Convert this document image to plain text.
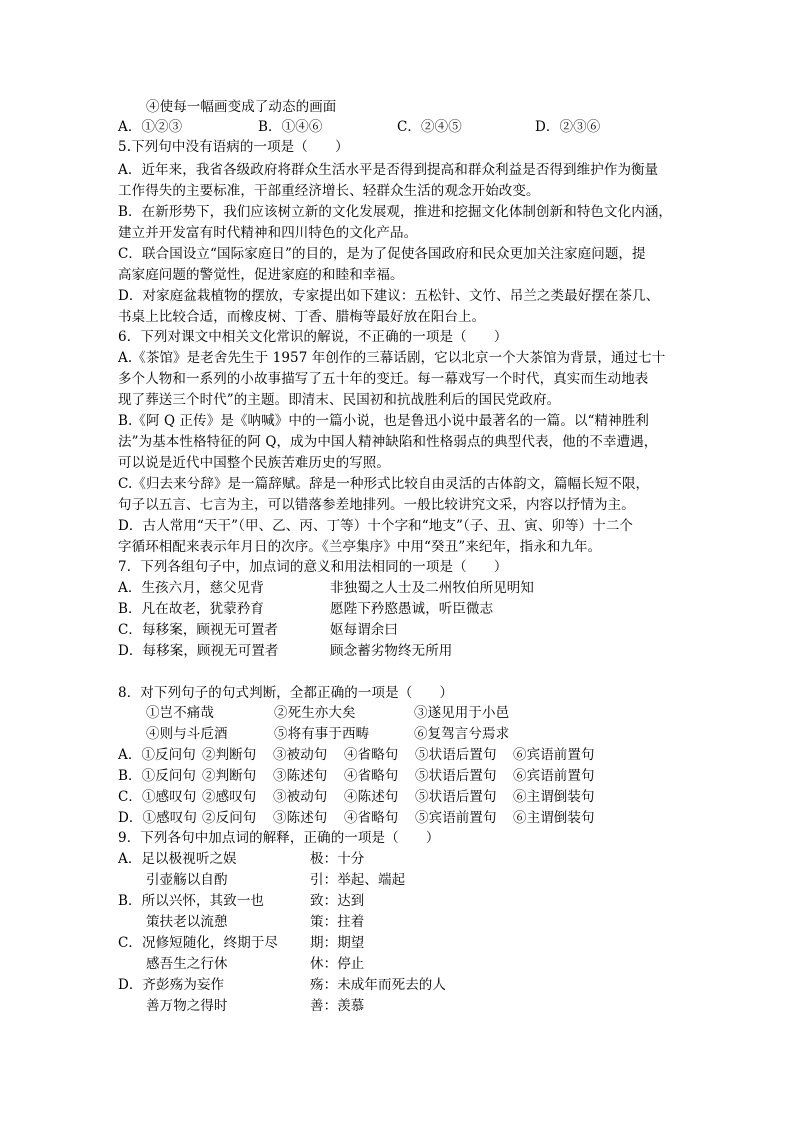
④使每一幅画变成了动态的画面
A．①②③	B．①④⑥	C．②④⑤	D．②③⑥
5.下列句中没有语病的一项是（　　）
A．近年来，我省各级政府将群众生活水平是否得到提高和群众利益是否得到维护作为衡量
工作得失的主要标准，干部重经济增长、轻群众生活的观念开始改变。
B．在新形势下，我们应该树立新的文化发展观，推进和挖掘文化体制创新和特色文化内涵，
建立并开发富有时代精神和四川特色的文化产品。
C．联合国设立“国际家庭日”的目的，是为了促使各国政府和民众更加关注家庭问题，提
高家庭问题的警觉性，促进家庭的和睦和幸福。
D．对家庭盆栽植物的摆放，专家提出如下建议：五松针、文竹、吊兰之类最好摆在茶几、
书桌上比较合适，而橡皮树、丁香、腊梅等最好放在阳台上。
6．下列对课文中相关文化常识的解说，不正确的一项是（　　）
A.《茶馆》是老舍先生于 1957 年创作的三幕话剧，它以北京一个大茶馆为背景，通过七十
多个人物和一系列的小故事描写了五十年的变迁。每一幕戏写一个时代，真实而生动地表
现了葬送三个时代”的主题。即清末、民国初和抗战胜利后的国民党政府。
B.《阿 Q 正传》是《呐喊》中的一篇小说，也是鲁迅小说中最著名的一篇。以“精神胜利
法”为基本性格特征的阿 Q，成为中国人精神缺陷和性格弱点的典型代表，他的不幸遭遇，
可以说是近代中国整个民族苦难历史的写照。
C.《归去来兮辞》是一篇辞赋。辞是一种形式比较自由灵活的古体韵文，篇幅长短不限，
句子以五言、七言为主，可以错落参差地排列。一般比较讲究文采，内容以抒情为主。
D．古人常用“天干”（甲、乙、丙、丁等）十个字和“地支”（子、丑、寅、卯等）十二个
字循环相配来表示年月日的次序。《兰亭集序》中用“癸丑”来纪年，指永和九年。
7．下列各组句子中，加点词的意义和用法相同的一项是（　　）
A．生孩六月，慈父见背	非独蜀之人士及二州牧伯所见明知
B．凡在故老，犹蒙矜育	愿陛下矜愍愚诚，听臣微志
C．每移案，顾视无可置者	妪每谓余曰
D．每移案，顾视无可置者	顾念蓄劣物终无所用
8．对下列句子的句式判断，全都正确的一项是（　　）
①岂不痛哉	②死生亦大矣	③遂见用于小邑
④则与斗卮酒	⑤将有事于西畴	⑥复驾言兮焉求
A．①反问句 ②判断句 ③被动句 ④省略句 ⑤状语后置句 ⑥宾语前置句
B．①反问句 ②判断句 ③陈述句 ④省略句 ⑤状语后置句 ⑥宾语前置句
C．①感叹句 ②感叹句 ③被动句 ④陈述句 ⑤状语后置句 ⑥主谓倒装句
D．①感叹句 ②反问句 ③陈述句 ④省略句 ⑤宾语前置句 ⑥主谓倒装句
9．下列各句中加点词的解释，正确的一项是（　　）
A．足以极视听之娱	极：十分
引壶觞以自酌	引：举起、端起
B．所以兴怀，其致一也	致：达到
策扶老以流憩	策：拄着
C．况修短随化，终期于尽 期：期望
感吾生之行休	休：停止
D．齐彭殇为妄作	殇：未成年而死去的人
善万物之得时	善：羡慕
